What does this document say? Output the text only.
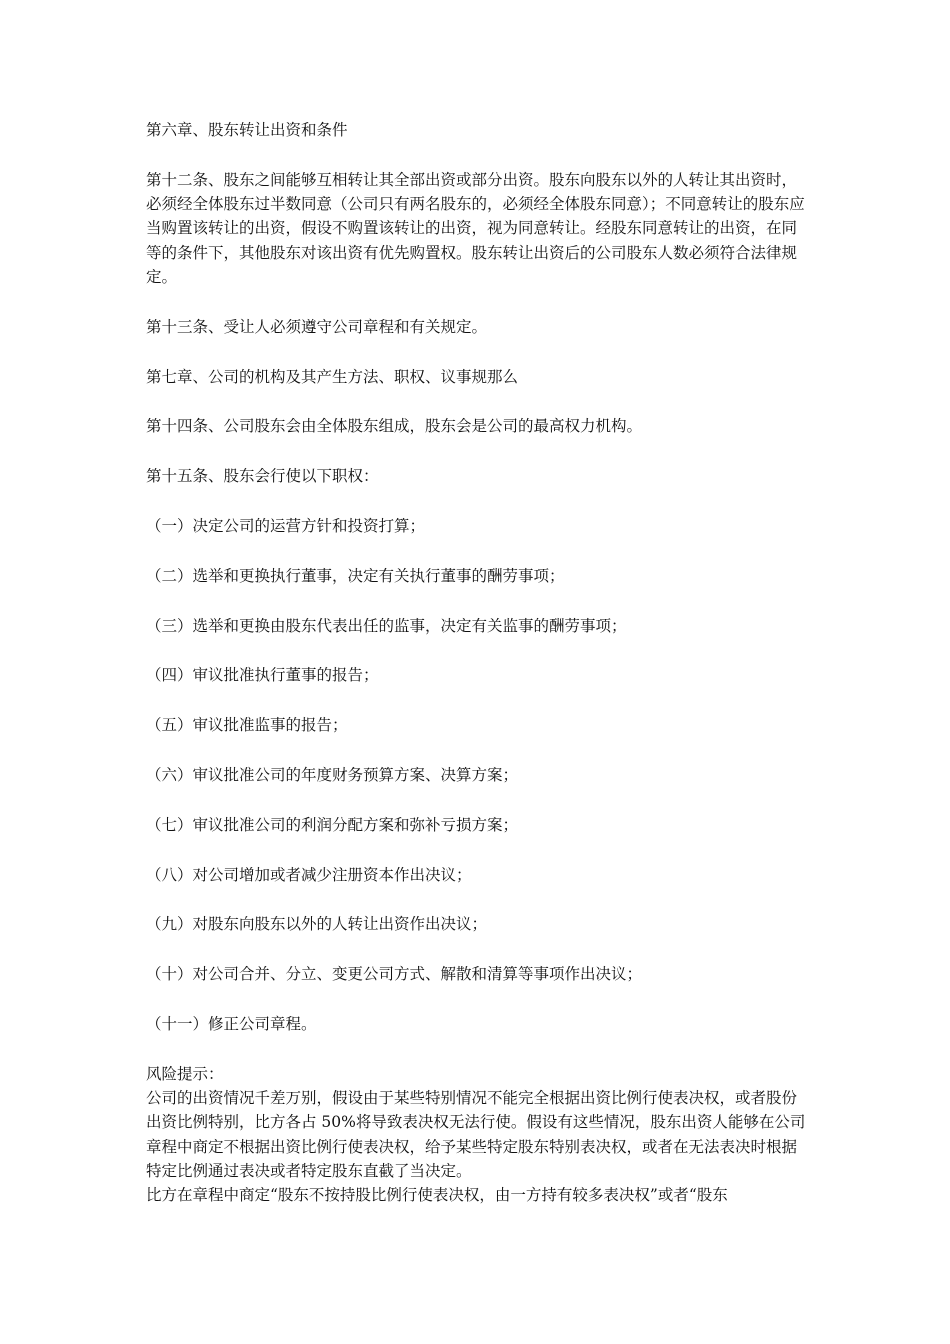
第六章、股东转让出资和条件

第十二条、股东之间能够互相转让其全部出资或部分出资。股东向股东以外的人转让其出资时，必须经全体股东过半数同意（公司只有两名股东的，必须经全体股东同意）；不同意转让的股东应当购置该转让的出资，假设不购置该转让的出资，视为同意转让。经股东同意转让的出资，在同等的条件下，其他股东对该出资有优先购置权。股东转让出资后的公司股东人数必须符合法律规定。

第十三条、受让人必须遵守公司章程和有关规定。

第七章、公司的机构及其产生方法、职权、议事规那么

第十四条、公司股东会由全体股东组成，股东会是公司的最高权力机构。

第十五条、股东会行使以下职权：

（一）决定公司的运营方针和投资打算；

（二）选举和更换执行董事，决定有关执行董事的酬劳事项；

（三）选举和更换由股东代表出任的监事，决定有关监事的酬劳事项；

（四）审议批准执行董事的报告；

（五）审议批准监事的报告；

（六）审议批准公司的年度财务预算方案、决算方案；

（七）审议批准公司的利润分配方案和弥补亏损方案；

（八）对公司增加或者减少注册资本作出决议；

（九）对股东向股东以外的人转让出资作出决议；

（十）对公司合并、分立、变更公司方式、解散和清算等事项作出决议；

（十一）修正公司章程。

风险提示：

公司的出资情况千差万别，假设由于某些特别情况不能完全根据出资比例行使表决权，或者股份出资比例特别，比方各占 50%将导致表决权无法行使。假设有这些情况，股东出资人能够在公司章程中商定不根据出资比例行使表决权，给予某些特定股东特别表决权，或者在无法表决时根据特定比例通过表决或者特定股东直截了当决定。

比方在章程中商定“股东不按持股比例行使表决权，由一方持有较多表决权”或者“股东
